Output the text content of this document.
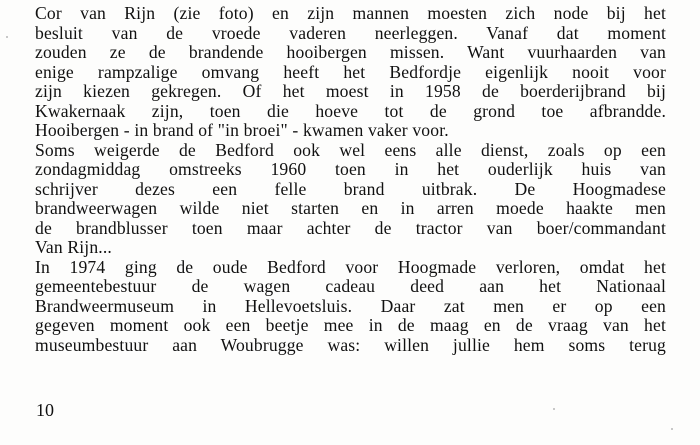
Cor van Rijn (zie foto) en zijn mannen moesten zich node bij het
besluit van de vroede vaderen neerleggen. Vanaf dat moment
zouden ze de brandende hooibergen missen. Want vuurhaarden van
enige rampzalige omvang heeft het Bedfordje eigenlijk nooit voor
zijn kiezen gekregen. Of het moest in 1958 de boerderijbrand bij
Kwakernaak zijn, toen die hoeve tot de grond toe afbrandde.
Hooibergen - in brand of "in broei" - kwamen vaker voor.
Soms weigerde de Bedford ook wel eens alle dienst, zoals op een
zondagmiddag omstreeks 1960 toen in het ouderlijk huis van
schrijver dezes een felle brand uitbrak. De Hoogmadese
brandweerwagen wilde niet starten en in arren moede haakte men
de brandblusser toen maar achter de tractor van boer/commandant
Van Rijn...
In 1974 ging de oude Bedford voor Hoogmade verloren, omdat het
gemeentebestuur de wagen cadeau deed aan het Nationaal
Brandweermuseum in Hellevoetsluis. Daar zat men er op een
gegeven moment ook een beetje mee in de maag en de vraag van het
museumbestuur aan Woubrugge was: willen jullie hem soms terug
10
